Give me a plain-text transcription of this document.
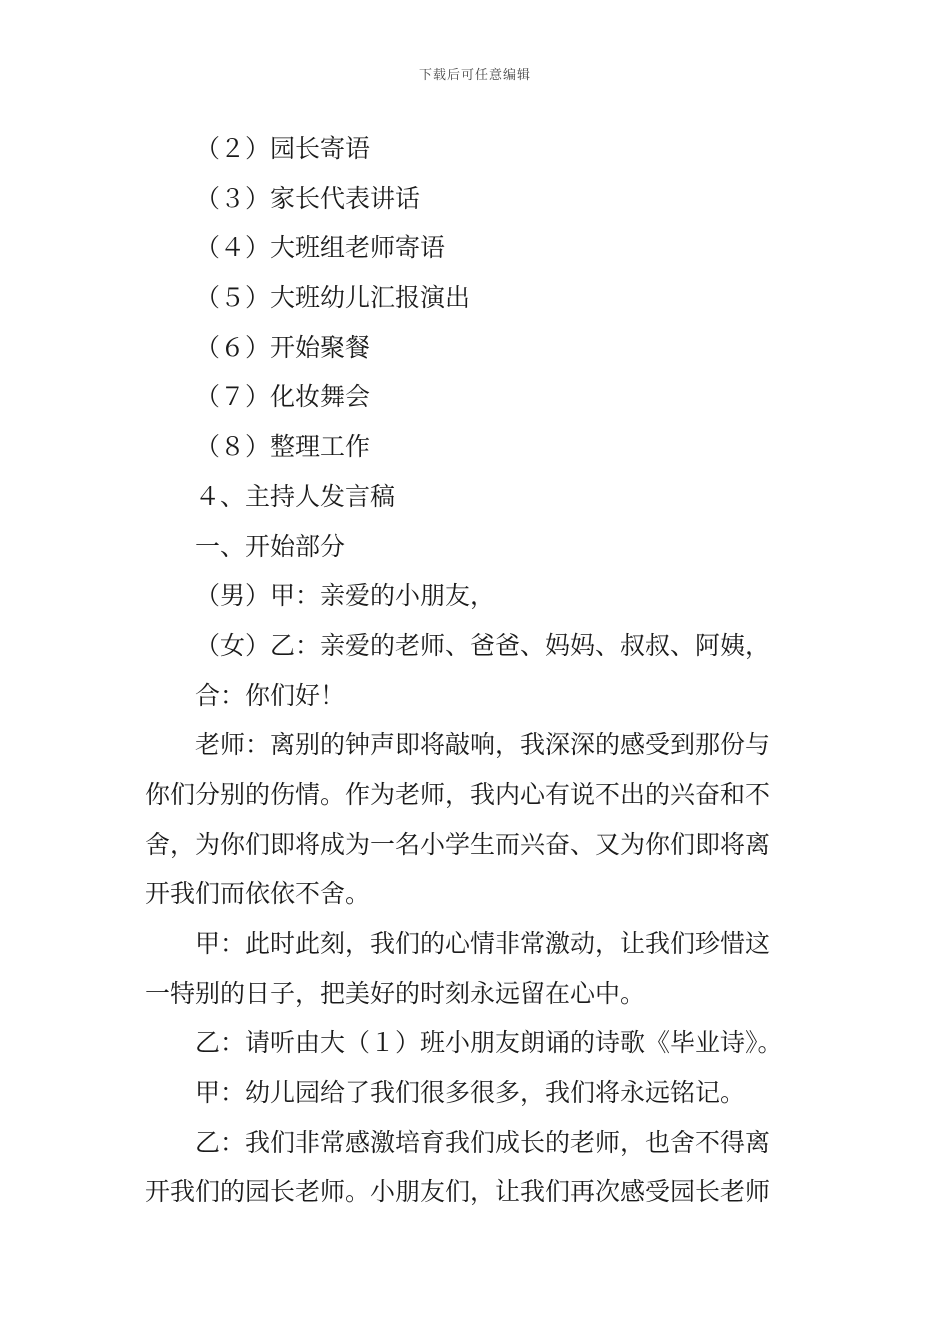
下载后可任意编辑
（２）园长寄语
（３）家长代表讲话
（４）大班组老师寄语
（５）大班幼儿汇报演出
（６）开始聚餐
（７）化妆舞会
（８）整理工作
４、主持人发言稿
一、开始部分
（男）甲：亲爱的小朋友，
（女）乙：亲爱的老师、爸爸、妈妈、叔叔、阿姨，
合：你们好！
老师：离别的钟声即将敲响，我深深的感受到那份与
你们分别的伤情。作为老师，我内心有说不出的兴奋和不
舍，为你们即将成为一名小学生而兴奋、又为你们即将离
开我们而依依不舍。
甲：此时此刻，我们的心情非常激动，让我们珍惜这
一特别的日子，把美好的时刻永远留在心中。
乙：请听由大（１）班小朋友朗诵的诗歌《毕业诗》。
甲：幼儿园给了我们很多很多，我们将永远铭记。
乙：我们非常感激培育我们成长的老师，也舍不得离
开我们的园长老师。小朋友们，让我们再次感受园长老师
